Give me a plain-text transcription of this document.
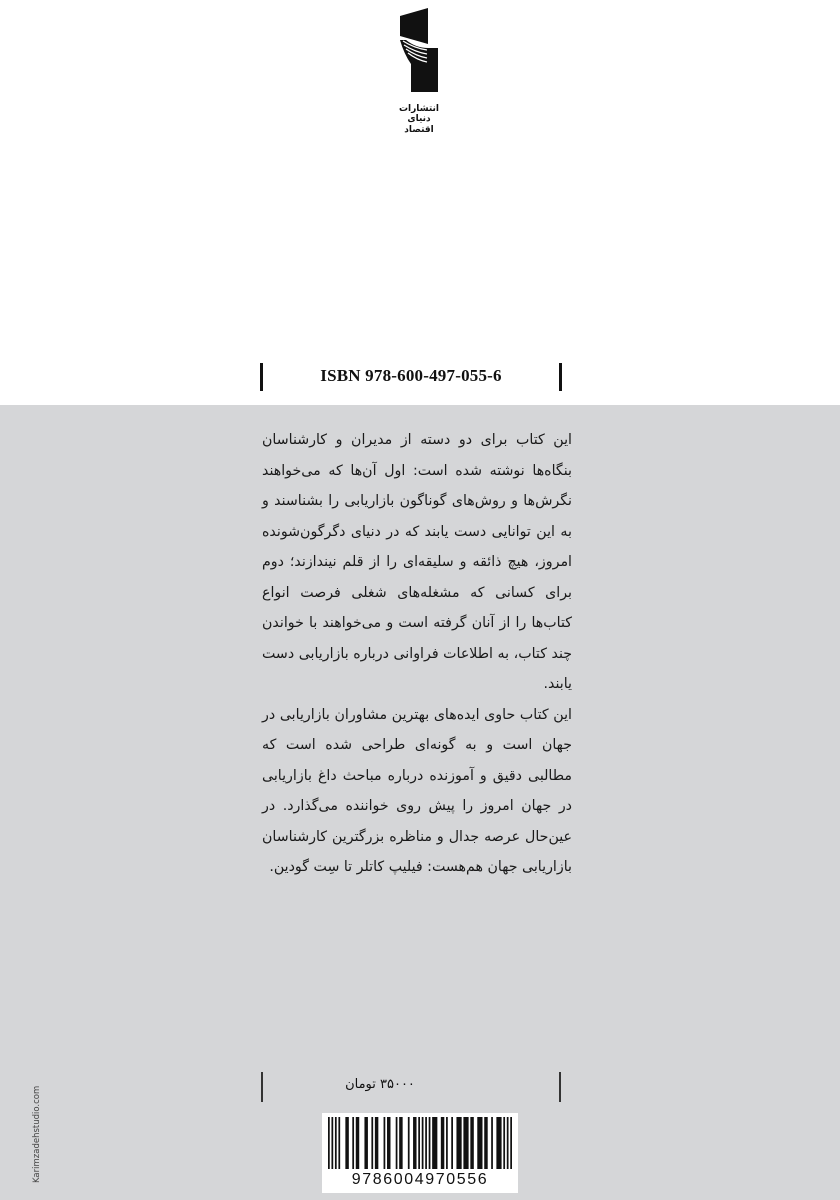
انتشارات
دنیای اقتصاد
ISBN 978-600-497-055-6

این کتاب برای دو دسته از مدیران و کارشناسان بنگاه‌ها نوشته شده است: اول آن‌ها که می‌خواهند نگرش‌ها و روش‌های گوناگون بازاریابی را بشناسند و به این توانایی دست یابند که در دنیای دگرگون‌شونده امروز، هیچ ذائقه و سلیقه‌ای را از قلم نیندازند؛ دوم برای کسانی که مشغله‌های شغلی فرصت انواع کتاب‌ها را از آنان گرفته است و می‌خواهند با خواندن چند کتاب، به اطلاعات فراوانی درباره بازاریابی دست یابند.

این کتاب حاوی ایده‌های بهترین مشاوران بازاریابی در جهان است و به گونه‌ای طراحی شده است که مطالبی دقیق و آموزنده درباره مباحث داغ بازاریابی در جهان امروز را پیش روی خواننده می‌گذارد. در عین‌حال عرصه جدال و مناظره بزرگترین کارشناسان بازاریابی جهان هم‌هست: فیلیپ کاتلر تا سِت گودین.

۳۵۰۰۰ تومان
9786004970556
Karimzadehstudio.com
